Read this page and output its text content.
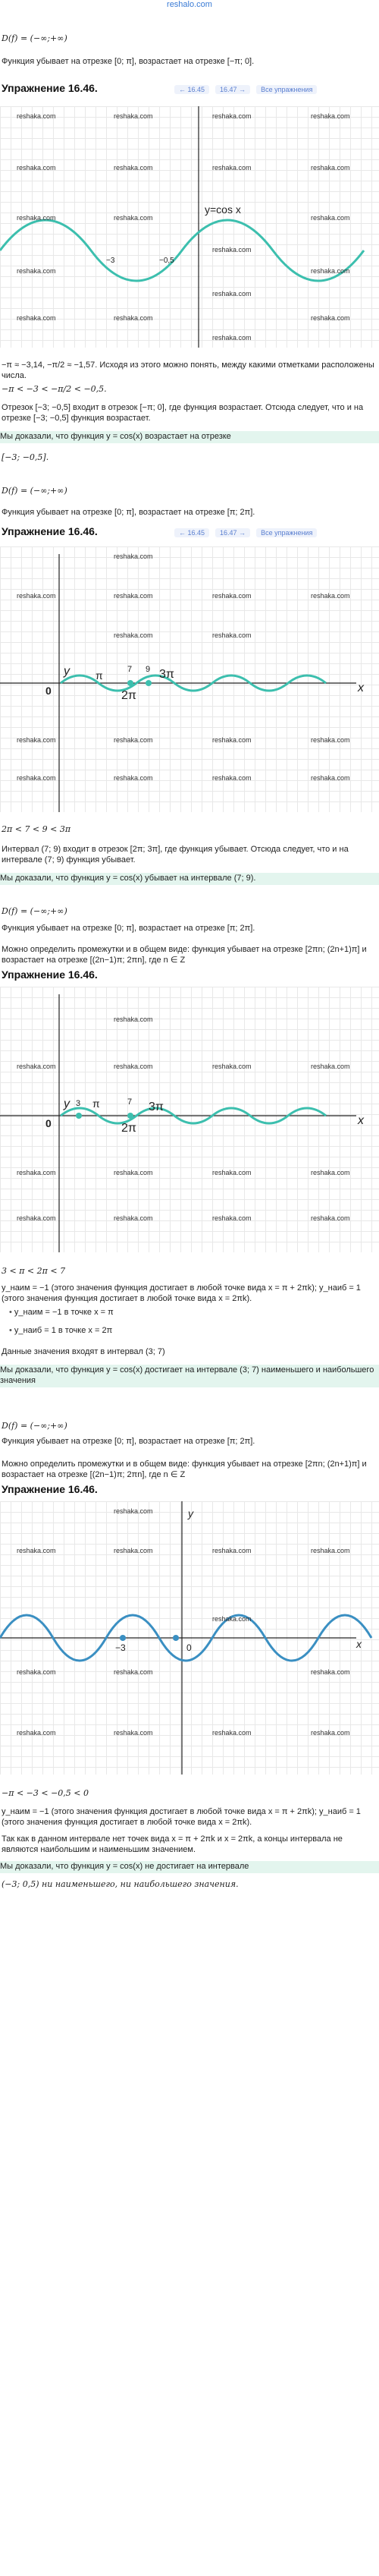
reshalo.com
D(f) = (−∞;+∞)
Функция убывает на отрезке [0; π], возрастает на отрезке [−π; 0].
Упражнение 16.46.	← 16.45 16.47 → Все упражнения
y=cos x
−3	−0,5
reshaka.com	reshaka.com	reshaka.com	reshaka.com
reshaka.com	reshaka.com	reshaka.com	reshaka.com
reshaka.com	reshaka.com	reshaka.com
reshaka.com
reshaka.com	reshaka.com
reshaka.com
reshaka.com	reshaka.com	reshaka.com
reshaka.com
−π ≈ −3,14, −π/2 ≈ −1,57. Исходя из этого можно понять, между какими отметками расположены числа.
−π < −3 < −π/2 < −0,5.
Отрезок [−3; −0,5] входит в отрезок [−π; 0], где функция возрастает. Отсюда следует, что и на отрезке [−3; −0,5] функция возрастает.
Мы доказали, что функция y = cos(x) возрастает на отрезке
[−3; −0,5].
D(f) = (−∞;+∞)
Функция убывает на отрезке [0; π], возрастает на отрезке [π; 2π].
Упражнение 16.46.	← 16.45 16.47 → Все упражнения
y
x
0
π	7 9 3π
2π
reshaka.com
reshaka.com	reshaka.com	reshaka.com	reshaka.com
reshaka.com	reshaka.com
reshaka.com	reshaka.com	reshaka.com	reshaka.com
reshaka.com	reshaka.com	reshaka.com	reshaka.com
2π < 7 < 9 < 3π
Интервал (7; 9) входит в отрезок [2π; 3π], где функция убывает. Отсюда следует, что и на интервале (7; 9) функция убывает.
Мы доказали, что функция y = cos(x) убывает на интервале (7; 9).
D(f) = (−∞;+∞)
Функция убывает на отрезке [0; π], возрастает на отрезке [π; 2π].
Можно определить промежутки и в общем виде: функция убывает на отрезке [2πn; (2n+1)π] и возрастает на отрезке [(2n−1)π; 2πn], где n ∈ Z
Упражнение 16.46.
y
x
0
3 π	7 3π
2π
reshaka.com
reshaka.com	reshaka.com	reshaka.com	reshaka.com
reshaka.com	reshaka.com	reshaka.com	reshaka.com
reshaka.com	reshaka.com	reshaka.com	reshaka.com
3 < π < 2π < 7
y_наим = −1 (этого значения функция достигает в любой точке вида x = π + 2πk); y_наиб = 1 (этого значения функция достигает в любой точке вида x = 2πk).
• y_наим = −1 в точке x = π
• y_наиб = 1 в точке x = 2π
Данные значения входят в интервал (3; 7)
Мы доказали, что функция y = cos(x) достигает на интервале (3; 7) наименьшего и наибольшего значения
D(f) = (−∞;+∞)
Функция убывает на отрезке [0; π], возрастает на отрезке [π; 2π].
Можно определить промежутки и в общем виде: функция убывает на отрезке [2πn; (2n+1)π] и возрастает на отрезке [(2n−1)π; 2πn], где n ∈ Z
Упражнение 16.46.
y
x
0
−3
reshaka.com
reshaka.com	reshaka.com	reshaka.com	reshaka.com
reshaka.com
reshaka.com	reshaka.com	reshaka.com
reshaka.com	reshaka.com	reshaka.com	reshaka.com
−π < −3 < −0,5 < 0
y_наим = −1 (этого значения функция достигает в любой точке вида x = π + 2πk); y_наиб = 1 (этого значения функция достигает в любой точке вида x = 2πk).
Так как в данном интервале нет точек вида x = π + 2πk и x = 2πk, а концы интервала не являются наибольшим и наименьшим значением.
Мы доказали, что функция y = cos(x) не достигает на интервале
(−3; 0,5) ни наименьшего, ни наибольшего значения.
